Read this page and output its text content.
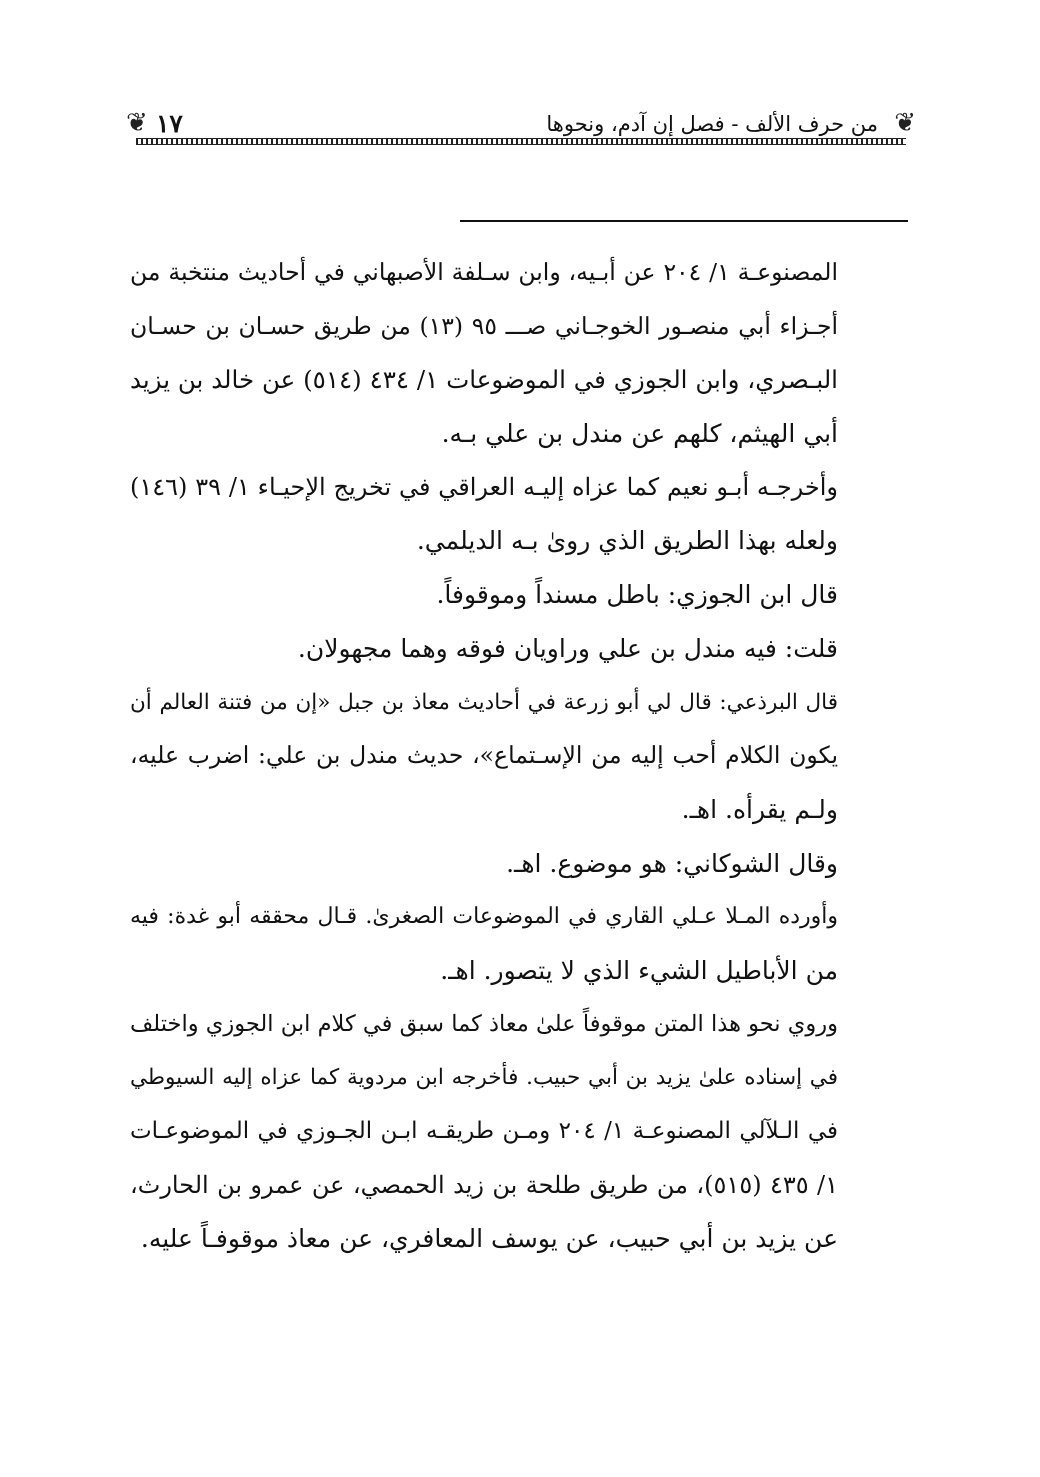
❦ ١٧	من حرف الألف - فصل إن آدم، ونحوها ❦
المصنوعـة ١/ ٢٠٤ عن أبـيه، وابن سـلفة الأصبهاني في أحاديث منتخبة من
أجـزاء أبي منصـور الخوجـاني صـــ ٩٥ (١٣) من طريق حسـان بن حسـان
البـصري، وابن الجوزي في الموضوعات ١/ ٤٣٤ (٥١٤) عن خالد بن يزيد
أبي الهيثم، كلهم عن مندل بن علي بـه.
وأخرجـه أبـو نعيم كما عزاه إليـه العراقي في تخريج الإحيـاء ١/ ٣٩ (١٤٦)
ولعله بهذا الطريق الذي روىٰ بـه الديلمي.
قال ابن الجوزي: باطل مسنداً وموقوفاً.
قلت: فيه مندل بن علي وراويان فوقه وهما مجهولان.
قال البرذعي: قال لي أبو زرعة في أحاديث معاذ بن جبل «إن من فتنة العالم أن
يكون الكلام أحب إليه من الإسـتماع»، حديث مندل بن علي: اضرب عليه،
ولـم يقرأه. اهـ.
وقال الشوكاني: هو موضوع. اهـ.
وأورده المـلا عـلي القاري في الموضوعات الصغرىٰ. قـال محققه أبو غدة: فيه
من الأباطيل الشيء الذي لا يتصور. اهـ.
وروي نحو هذا المتن موقوفاً علىٰ معاذ كما سبق في كلام ابن الجوزي واختلف
في إسناده علىٰ يزيد بن أبي حبيب. فأخرجه ابن مردوية كما عزاه إليه السيوطي
في الـلآلي المصنوعـة ١/ ٢٠٤ ومـن طريقـه ابـن الجـوزي في الموضوعـات
١/ ٤٣٥ (٥١٥)، من طريق طلحة بن زيد الحمصي، عن عمرو بن الحارث،
عن يزيد بن أبي حبيب، عن يوسف المعافري، عن معاذ موقوفـاً عليه.
